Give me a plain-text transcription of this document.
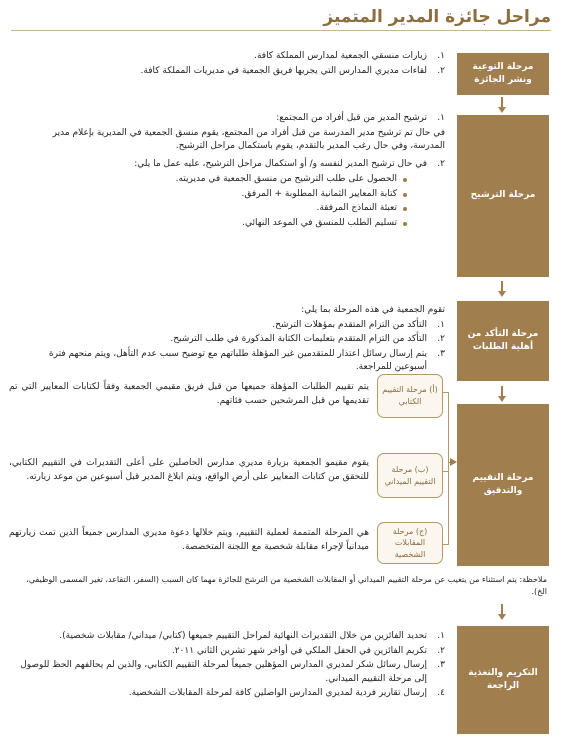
مراحل جائزة المدير المتميز
مرحلة التوعية ونشر الجائزة
١.
زيارات منسقي الجمعية لمدارس المملكة كافة.
٢.
لقاءات مديري المدارس التي يجريها فريق الجمعية في مديريات المملكة كافة.
مرحلة الترشيح
١.
ترشيح المدير من قبل أفراد من المجتمع:
في حال تم ترشيح مدير المدرسة من قبل أفراد من المجتمع، يقوم منسق الجمعية في المديرية بإعلام مدير المدرسة، وفي حال رغب المدير بالتقدم، يقوم باستكمال مراحل الترشيح.
٢.
في حال ترشيح المدير لنفسه و/ أو استكمال مراحل الترشيح، عليه عمل ما يلي:
الحصول على طلب الترشيح من منسق الجمعية في مديريته.
كتابة المعايير الثمانية المطلوبة + المرفق.
تعبئة النماذج المرفقة.
تسليم الطلب للمنسق في الموعد النهائي.
مرحلة التأكد من أهلية الطلبات
تقوم الجمعية في هذه المرحلة بما يلي:
١.
التأكد من التزام المتقدم بمؤهلات الترشح.
٢.
التأكد من التزام المتقدم بتعليمات الكتابة المذكورة في طلب الترشيح.
٣.
يتم إرسال رسائل اعتذار للمتقدمين غير المؤهلة طلباتهم مع توضيح سبب عدم التأهل، ويتم منحهم فترة أسبوعين للمراجعة.
مرحلة التقييم والتدقيق
(أ) مرحلة التقييم الكتابي
يتم تقييم الطلبات المؤهلة جميعها من قبل فريق مقيمي الجمعية وفقاً لكتابات المعايير التي تم تقديمها من قبل المرشحين حسب فئاتهم.
(ب) مرحلة التقييم الميداني
يقوم مقيمو الجمعية بزيارة مديري مدارس الحاصلين على أعلى التقديرات في التقييم الكتابي، للتحقق من كتابات المعايير على أرض الواقع، ويتم ابلاغ المدير قبل أسبوعين من موعد زيارته.
(ج) مرحلة المقابلات الشخصية
هي المرحلة المتممة لعملية التقييم، ويتم خلالها دعوة مديري المدارس جميعاً الذين تمت زيارتهم ميدانياً لإجراء مقابلة شخصية مع اللجنة المتخصصة.
ملاحظة: يتم استثناء من يتغيب عن مرحلة التقييم الميداني أو المقابلات الشخصية من الترشح للجائزة مهما كان السبب (السفر، التقاعد، تغير المسمى الوظيفي، الخ).
التكريم والتغذية الراجعة
١.
تحديد الفائزين من خلال التقديرات النهائية لمراحل التقييم جميعها (كتابي/ ميداني/ مقابلات شخصية).
٢.
تكريم الفائزين في الحفل الملكي في أواخر شهر تشرين الثاني ٢٠١١.
٣.
إرسال رسائل شكر لمديري المدارس المؤهلين جميعاً لمرحلة التقييم الكتابي، والذين لم يحالفهم الحظ للوصول إلى مرحلة التقييم الميداني.
٤.
إرسال تقارير فردية لمديري المدارس الواصلين كافة لمرحلة المقابلات الشخصية.
